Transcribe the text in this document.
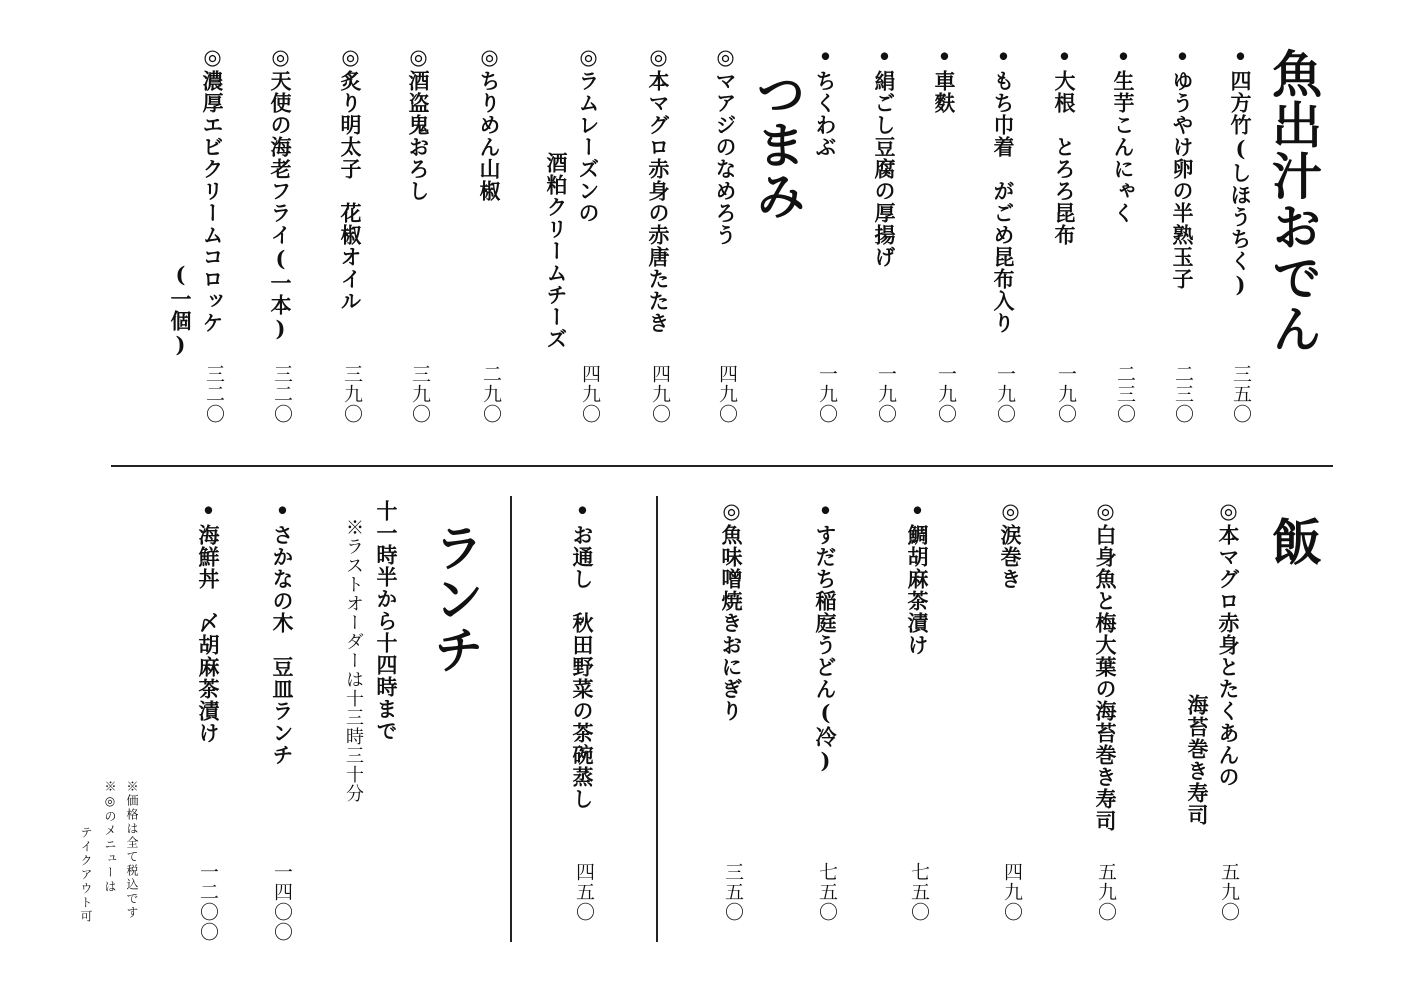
魚出汁おでん
•四方竹(しほうちく)
三五〇
•ゆうやけ卵の半熟玉子
二三〇
•生芋こんにゃく
二三〇
•大根　とろろ昆布
一九〇
•もち巾着　がごめ昆布入り
一九〇
•車麩
一九〇
•絹ごし豆腐の厚揚げ
一九〇
•ちくわぶ
一九〇
つまみ
◎マアジのなめろう
四九〇
◎本マグロ赤身の赤唐たたき
四九〇
◎ラムレーズンの
酒粕クリームチーズ
四九〇
◎ちりめん山椒
二九〇
◎酒盗鬼おろし
三九〇
◎炙り明太子　花椒オイル
三九〇
◎天使の海老フライ(一本)
三二〇
◎濃厚エビクリームコロッケ
(一個)
三二〇
飯
◎本マグロ赤身とたくあんの
海苔巻き寿司
五九〇
◎白身魚と梅大葉の海苔巻き寿司
五九〇
◎涙巻き
四九〇
•鯛胡麻茶漬け
七五〇
•すだち稲庭うどん(冷)
七五〇
◎魚味噌焼きおにぎり
三五〇
•お通し　秋田野菜の茶碗蒸し
四五〇
ランチ
十一時半から十四時まで
※ラストオーダーは十三時三十分
•さかなの木　豆皿ランチ
一四〇〇
•海鮮丼　〆胡麻茶漬け
一二〇〇
※価格は全て税込です
※◎のメニューは
テイクアウト可
